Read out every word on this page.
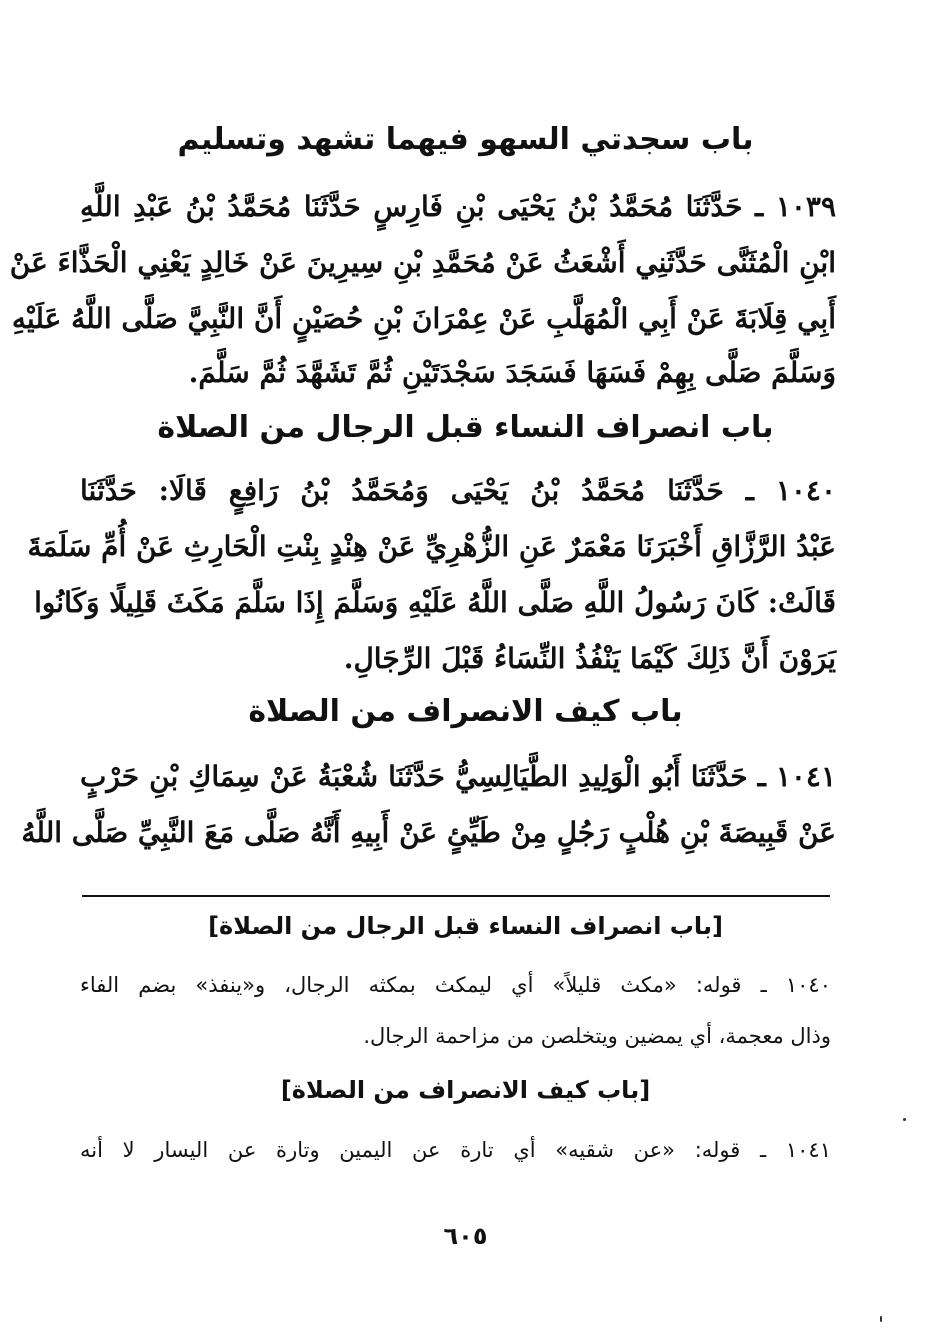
باب سجدتي السهو فيهما تشهد وتسليم
١٠٣٩ ـ حَدَّثَنَا مُحَمَّدُ بْنُ يَحْيَى بْنِ فَارِسٍ حَدَّثَنَا مُحَمَّدُ بْنُ عَبْدِ اللَّهِ
ابْنِ الْمُثَنَّى حَدَّثَنِي أَشْعَثُ عَنْ مُحَمَّدِ بْنِ سِيرِينَ عَنْ خَالِدٍ يَعْنِي الْحَذَّاءَ عَنْ
أَبِي قِلَابَةَ عَنْ أَبِي الْمُهَلَّبِ عَنْ عِمْرَانَ بْنِ حُصَيْنٍ أَنَّ النَّبِيَّ صَلَّى اللَّهُ عَلَيْهِ
وَسَلَّمَ صَلَّى بِهِمْ فَسَهَا فَسَجَدَ سَجْدَتَيْنِ ثُمَّ تَشَهَّدَ ثُمَّ سَلَّمَ.
باب انصراف النساء قبل الرجال من الصلاة
١٠٤٠ ـ حَدَّثَنَا مُحَمَّدُ بْنُ يَحْيَى وَمُحَمَّدُ بْنُ رَافِعٍ قَالَا: حَدَّثَنَا
عَبْدُ الرَّزَّاقِ أَخْبَرَنَا مَعْمَرٌ عَنِ الزُّهْرِيِّ عَنْ هِنْدٍ بِنْتِ الْحَارِثِ عَنْ أُمِّ سَلَمَةَ
قَالَتْ: كَانَ رَسُولُ اللَّهِ صَلَّى اللَّهُ عَلَيْهِ وَسَلَّمَ إِذَا سَلَّمَ مَكَثَ قَلِيلًا وَكَانُوا
يَرَوْنَ أَنَّ ذَلِكَ كَيْمَا يَنْفُذُ النِّسَاءُ قَبْلَ الرِّجَالِ.
باب كيف الانصراف من الصلاة
١٠٤١ ـ حَدَّثَنَا أَبُو الْوَلِيدِ الطَّيَالِسِيُّ حَدَّثَنَا شُعْبَةُ عَنْ سِمَاكِ بْنِ حَرْبٍ
عَنْ قَبِيصَةَ بْنِ هُلْبٍ رَجُلٍ مِنْ طَيِّئٍ عَنْ أَبِيهِ أَنَّهُ صَلَّى مَعَ النَّبِيِّ صَلَّى اللَّهُ
[باب انصراف النساء قبل الرجال من الصلاة]
١٠٤٠ ـ قوله: «مكث قليلاً» أي ليمكث بمكثه الرجال، و«ينفذ» بضم الفاء
وذال معجمة، أي يمضين ويتخلصن من مزاحمة الرجال.
[باب كيف الانصراف من الصلاة]
١٠٤١ ـ قوله: «عن شقيه» أي تارة عن اليمين وتارة عن اليسار لا أنه
٦٠٥
